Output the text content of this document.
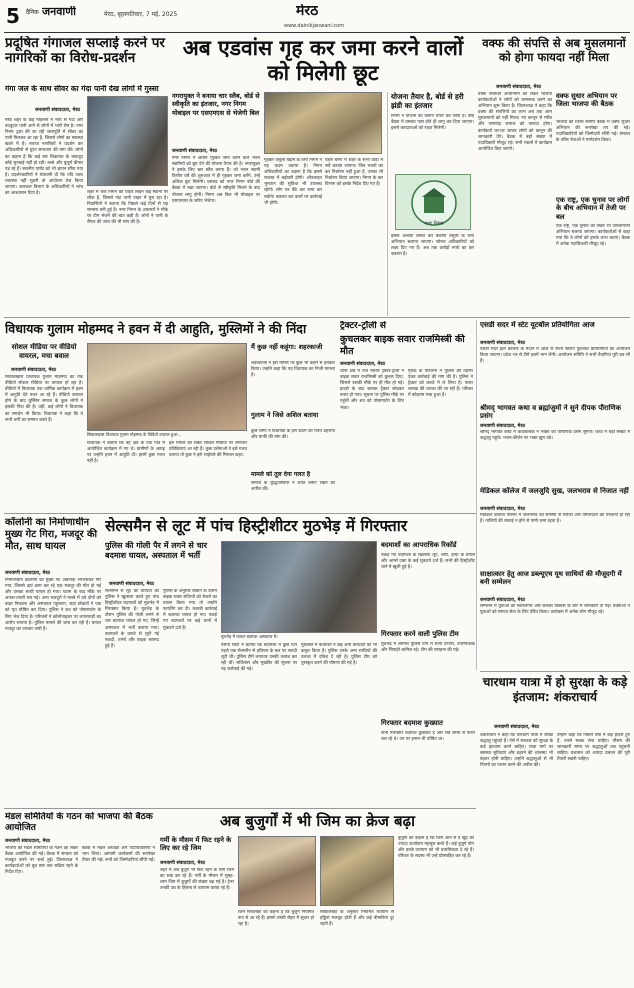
5 दैनिक जनवाणी	मेरठ, बृहस्पतिवार, 7 मई, 2025	मेरठ
www.dainikjanwani.com
प्रदूषित गंगाजल सप्लाई करने पर नागरिकों का विरोध-प्रदर्शन
गंगा जल के साथ सीवर का गंदा पानी देख लोगों में गुस्सा
जनवाणी संवाददाता, मेरठ
मेरठ शहर के कई मोहल्लों में नलों से गंदा और बदबूदार पानी आने से लोगों में भारी रोष है। नगर निगम द्वारा की जा रही जलापूर्ति में सीवर का पानी मिलकर आ रहा है, जिससे लोगों का स्वास्थ्य खतरे में है। नाराज नागरिकों ने प्रदर्शन कर अधिकारियों से तुरंत समाधान की मांग की। लोगों का कहना है कि कई बार शिकायत के बावजूद कोई सुनवाई नहीं हो रही। बच्चे और बुजुर्ग बीमार पड़ रहे हैं। स्थानीय पार्षद को भी ज्ञापन सौंपा गया है। प्रदर्शनकारियों ने चेतावनी दी कि यदि जल्द व्यवस्था नहीं सुधरी तो आंदोलन तेज किया जाएगा। जलकल विभाग के अधिकारियों ने जांच का आश्वासन दिया है।	शहर में जल निगम की पाइप लाइन कई स्थानों पर लीक है, जिससे गंदा पानी पाइप में घुस रहा है। निवासियों ने बताया कि पिछले कई दिनों से यह समस्या बनी हुई है। नगर निगम के अफसरों ने मौके पर टीम भेजने की बात कही है। लोगों ने पानी के सैंपल की जांच की भी मांग की है।
अब एडवांस गृह कर जमा करने वालों को मिलेगी छूट
नगरायुक्त ने बनाया चार स्लैब, बोर्ड से स्वीकृति का इंतजार, नगर निगम मोबाइल पर एसएमएस से भेजेगी बिल
जनवाणी संवाददाता, मेरठ
नगर निगम ने अग्रिम गृहकर जमा करने वाले भवन स्वामियों को छूट देने की योजना तैयार की है। नगरायुक्त ने इसके लिए चार स्लैब बनाए हैं। जो भवन स्वामी वित्तीय वर्ष की शुरुआत में ही गृहकर जमा करेंगे, उन्हें अधिक छूट मिलेगी। प्रस्ताव को नगर निगम बोर्ड की बैठक में रखा जाएगा। बोर्ड से स्वीकृति मिलने के बाद योजना लागू होगी। निगम अब बिल भी मोबाइल पर एसएमएस के जरिए भेजेगा।
गृहकर वसूली बढ़ाने के लिए निगम ने यह कदम उठाया है। निगम अधिकारियों का कहना है कि इससे राजस्व में बढ़ोतरी होगी। ऑनलाइन भुगतान की सुविधा भी उपलब्ध रहेगी। लोग घर बैठे कर जमा कर सकेंगे। बकाया कर वालों पर कार्रवाई भी होगी।
पहले चरण में शहर के सभी वार्डों में सर्वे कराया जाएगा। जिन भवनों का कर निर्धारण नहीं हुआ है, उनका भी निर्धारण किया जाएगा। निगम के कर विभाग को इसके निर्देश दिए गए हैं।
योजना तैयार है, बोर्ड से हरी झंडी का इंतजार
निगम ने योजना का प्रारूप तैयार कर लिया है। बोर्ड बैठक में प्रस्ताव पास होते ही लागू कर दिया जाएगा। इससे करदाताओं को राहत मिलेगी।
नगर निगम
इसके अलावा लंबित कर बकाया वसूली के लिए अभियान चलाया जाएगा। जोनल अधिकारियों को लक्ष्य दिए गए हैं। अब तक करोड़ों रुपये का कर बकाया है।
वक्फ की संपत्ति से अब मुसलमानों को होगा फायदा नहीं मिला
जनवाणी संवाददाता, मेरठ
वक्फ संशोधन अधिनियम को लेकर भाजपा कार्यकर्ताओं ने लोगों को जागरूक करने का अभियान शुरू किया है। जिलाध्यक्ष ने कहा कि वक्फ की संपत्तियों का लाभ अब तक आम मुसलमानों को नहीं मिला। नए कानून से गरीब और पसमांदा समाज को फायदा होगा। कार्यकर्ता घर-घर जाकर लोगों को कानून की जानकारी देंगे। बैठक में बड़ी संख्या में पदाधिकारी मौजूद रहे। सभी मंडलों में कार्यक्रम आयोजित किए जाएंगे।
वक्फ सुधार अभियान पर जिला भाजपा की बैठक
भाजपा की जिला स्तरीय बैठक में वक्फ सुधार अभियान की रूपरेखा तय की गई। पदाधिकारियों को जिम्मेदारी सौंपी गई। संगठन के वरिष्ठ नेताओं ने मार्गदर्शन किया।
एक राष्ट्र, एक चुनाव पर लोगों के बीच अभियान में तेजी पर बल
एक राष्ट्र, एक चुनाव को लेकर भी जनजागरण अभियान चलाया जाएगा। कार्यकर्ताओं से कहा गया कि वे लोगों को इसके लाभ बताएं। बैठक में अनेक पदाधिकारी मौजूद रहे।
विधायक गुलाम मोहम्मद ने हवन में दी आहुति, मुस्लिमों ने की निंदा
सोशल मीडिया पर वीडियो वायरल, मचा बवाल
जनवाणी संवाददाता, मेरठ
सिवालखास विधायक गुलाम मोहम्मद का एक वीडियो सोशल मीडिया पर वायरल हो रहा है। वीडियो में विधायक एक धार्मिक कार्यक्रम में हवन में आहुति देते नजर आ रहे हैं। वीडियो वायरल होने के बाद मुस्लिम समाज के कुछ लोगों ने इसकी निंदा की है। वहीं, कई लोगों ने विधायक का समर्थन भी किया। विधायक ने कहा कि वे सभी धर्मों का सम्मान करते हैं।
सिवालखास विधायक गुलाम मोहम्मद के विडियो वायरल हुआ...
विधायक ने बताया कि वह क्षेत्र के एक गांव में आयोजित कार्यक्रम में गए थे। ग्रामीणों के आग्रह पर उन्होंने हवन में आहुति दी। इसमें कुछ गलत नहीं है।
इस मामले को लेकर सोशल मीडिया पर लगातार प्रतिक्रियाएं आ रही हैं। कुछ उलेमाओं ने इसे गलत बताया तो कुछ ने इसे भाईचारे की मिसाल कहा।
मैं कुछ नहीं कहूंगा: शहरकाजी
शहरकाजी ने इस मामले पर कुछ भी कहने से इनकार किया। उन्होंने कहा कि यह विधायक का निजी मामला है।
गुलाम ने जिसे अशिल बताया
कुछ लोगों ने विधायक के इस कदम को गलत ठहराया और माफी की मांग की।
मामले को तूल देना गलत है
समाज के बुद्धिजीवियों ने शांति बनाए रखने की अपील की।
ट्रैक्टर-ट्रॉली से
कुचलकर बाइक सवार राजमिस्त्री की मौत
जनवाणी संवाददाता, मेरठ
थाना क्षेत्र में तेज रफ्तार ट्रैक्टर-ट्रॉली ने बाइक सवार राजमिस्त्री को कुचल दिया, जिससे उसकी मौके पर ही मौत हो गई। हादसे के बाद चालक ट्रैक्टर छोड़कर फरार हो गया। सूचना पर पुलिस मौके पर पहुंची और शव को पोस्टमार्टम के लिए भेजा।
मृतक के परिजनों ने पुलिस को तहरीर देकर कार्रवाई की मांग की है। पुलिस ने ट्रैक्टर को कब्जे में ले लिया है। फरार चालक की तलाश की जा रही है। परिवार में कोहराम मचा हुआ है।
एसडी सदर में स्टेट यूटबॉल प्रतियोगिता आज
जनवाणी संवाददाता, मेरठ
एसडी सदर इंटर कॉलेज के मैदान में आज से राज्य स्तरीय फुटबॉल प्रतियोगिता का आयोजन किया जाएगा। प्रदेश भर से टीमें इसमें भाग लेंगी। आयोजन समिति ने सभी तैयारियां पूरी कर ली हैं।
श्रीमद् भागवत कथा व ब्रह्मांजुमों ने सुने दीपक पौराणिक प्रसंग
जनवाणी संवाददाता, मेरठ
श्रीमद् भागवत कथा में कथावाचक ने भक्तों को पौराणिक प्रसंग सुनाए। कथा में बड़ी संख्या में श्रद्धालु पहुंचे। भजन-कीर्तन पर भक्त झूम उठे।
मेडिकल कॉलेज में जलजुदि सुख, जलभराव से निजात नहीं
जनवाणी संवाददाता, मेरठ
मेडिकल कॉलेज परिसर में जलभराव की समस्या से मरीजों और तीमारदारों को परेशानी हो रही है। नालियों की सफाई न होने से पानी जमा रहता है।
साक्षात्कार हेतु आज डब्ल्यूएच यूथ साथियों की मौजूदगी में बनी सम्मेलन
जनवाणी संवाददाता, मेरठ
सम्मेलन में युवाओं को स्वरोजगार और कौशल विकास के बारे में जानकारी दी गई। वक्ताओं ने युवाओं को समाज सेवा के लिए प्रेरित किया। कार्यक्रम में अनेक लोग मौजूद रहे।
कॉलोनी का निर्माणाधीन मुख्य गेट गिरा, मजदूर की मौत, साथ घायल
जनवाणी संवाददाता, मेरठ
निर्माणाधीन कॉलोनी का मुख्य गेट अचानक भरभराकर गिर गया, जिससे वहां काम कर रहे एक मजदूर की मौत हो गई और उसका साथी घायल हो गया। घटना के बाद मौके पर अफरा-तफरी मच गई। अन्य मजदूरों ने मलबे में दबे दोनों को बाहर निकाला और अस्पताल पहुंचाया, जहां डॉक्टरों ने एक को मृत घोषित कर दिया। पुलिस ने शव को पोस्टमार्टम के लिए भेज दिया है। परिजनों ने कॉलोनाइजर पर लापरवाही का आरोप लगाया है। पुलिस मामले की जांच कर रही है। घायल मजदूर का उपचार जारी है।
सेल्समैन से लूट में पांच हिस्ट्रीशीटर मुठभेड़ में गिरफ्तार
पुलिस की गोली पैर में लगने से चार बदमाश घायल, अस्पताल में भर्ती
जनवाणी संवाददाता, मेरठ
सेल्समैन से लूट की वारदात का पुलिस ने खुलासा करते हुए पांच हिस्ट्रीशीटर बदमाशों को मुठभेड़ में गिरफ्तार किया है। मुठभेड़ के दौरान पुलिस की गोली लगने से चार बदमाश घायल हो गए, जिन्हें अस्पताल में भर्ती कराया गया। बदमाशों के कब्जे से लूटी गई नकदी, तमंचे और बाइक बरामद हुई हैं।
पुलिस के अनुसार चेकिंग के दौरान बाइक सवार संदिग्धों को रोकने का प्रयास किया गया तो उन्होंने फायरिंग कर दी। जवाबी कार्रवाई में बदमाश घायल हो गए। पकड़े गए बदमाशों पर कई थानों में मुकदमे दर्ज हैं।
मुठभेड़ में घायल बदमाश अस्पताल में।
एसपी सिटी ने बताया कि बदमाशों ने कुछ दिन पहले एक सेल्समैन से हथियार के बल पर नकदी लूटी थी। पुलिस टीमें लगातार उनकी तलाश कर रही थीं। सर्विलांस और मुखबिर की सूचना पर यह कार्रवाई की गई।
पूछताछ में बदमाशों ने कई अन्य वारदातों को भी कबूल किया है। पुलिस उनके अन्य साथियों की तलाश में दबिश दे रही है। पुलिस टीम को पुरस्कृत करने की घोषणा की गई है।
बदमाशों का आपराधिक रिकॉर्ड
पकड़े गए बदमाशों के खिलाफ लूट, चोरी, हत्या के प्रयास और आर्म्स एक्ट के कई मुकदमे दर्ज हैं। सभी की हिस्ट्रीशीट थाने में खुली हुई है।
गिरफ्तार करने वाली पुलिस टीम
मुठभेड़ में शामिल पुलिस टीम में थाना प्रभारी, उपनिरीक्षक और सिपाही शामिल रहे। टीम की सराहना की गई।
गिरफ्तार बदमाश कुख्यात
सभी गिरफ्तार बदमाश कुख्यात हैं और लंबे समय से फरार चल रहे थे। उन पर इनाम भी घोषित था।
चारधाम यात्रा में हो सुरक्षा के कड़े इंतजाम: शंकराचार्य
जनवाणी संवाददाता, मेरठ
शंकराचार्य ने कहा कि चारधाम यात्रा में लाखों श्रद्धालु पहुंचते हैं। ऐसे में सरकार को सुरक्षा के कड़े इंतजाम करने चाहिए। यात्रा मार्ग पर स्वास्थ्य सुविधाएं और ठहरने की व्यवस्था भी बेहतर होनी चाहिए। उन्होंने श्रद्धालुओं से भी नियमों का पालन करने की अपील की।
उन्होंने कहा कि पिछले वर्षों में कई हादसे हुए हैं, उनसे सबक लेना चाहिए। मौसम की जानकारी समय पर श्रद्धालुओं तक पहुंचनी चाहिए। प्रशासन को आपदा प्रबंधन की पूरी तैयारी रखनी चाहिए।
मंडल समितियों के गठन को भाजपा की बैठक आयोजित
जनवाणी संवाददाता, मेरठ
भाजपा की मंडल समितियों के गठन को लेकर बैठक आयोजित की गई। बैठक में संगठन को मजबूत करने पर चर्चा हुई। जिलाध्यक्ष ने कार्यकर्ताओं को बूथ स्तर तक सक्रिय रहने के निर्देश दिए।
बैठक में मंडल अध्यक्षों और पदाधिकारियों ने भाग लिया। आगामी कार्यक्रमों की रूपरेखा तैयार की गई। सभी को जिम्मेदारियां सौंपी गईं।
अब बुजुर्गों में भी जिम का क्रेज बढ़ा
गर्मी के मौसम में फिट रहने के लिए कर रहे जिम
जनवाणी संवाददाता, मेरठ
शहर में अब बुजुर्ग भी फिट रहने के लिए जिम का रुख कर रहे हैं। गर्मी के मौसम में सुबह-शाम जिम में बुजुर्गों की संख्या बढ़ गई है। ट्रेनर उनकी उम्र के हिसाब से व्यायाम करवा रहे हैं।
जिम संचालकों का कहना है कि बुजुर्ग नियमित रूप से आ रहे हैं। इससे उनकी सेहत में सुधार हो रहा है।
चिकित्सकों के अनुसार नियमित व्यायाम से हड्डियां मजबूत होती हैं और कई बीमारियां दूर रहती हैं।
बुजुर्गों का कहना है कि जिम आने से वे खुद को ज्यादा ऊर्जावान महसूस करते हैं। कई बुजुर्ग योग और हल्के व्यायाम को भी प्राथमिकता दे रहे हैं। परिवार के सदस्य भी उन्हें प्रोत्साहित कर रहे हैं।
